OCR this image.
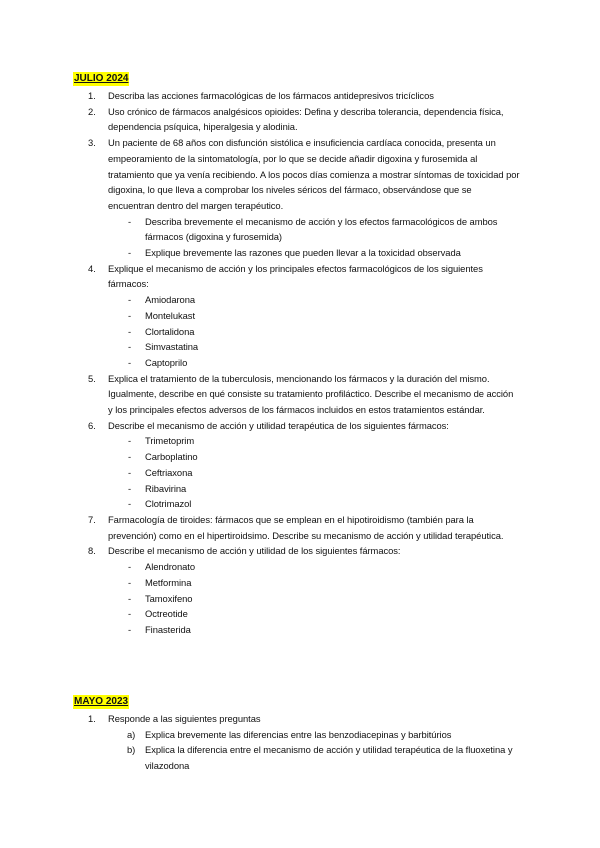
JULIO 2024
1. Describa las acciones farmacológicas de los fármacos antidepresivos tricíclicos
2. Uso crónico de fármacos analgésicos opioides: Defina y describa tolerancia, dependencia física, dependencia psíquica, hiperalgesia y alodinia.
3. Un paciente de 68 años con disfunción sistólica e insuficiencia cardíaca conocida, presenta un empeoramiento de la sintomatología, por lo que se decide añadir digoxina y furosemida al tratamiento que ya venía recibiendo. A los pocos días comienza a mostrar síntomas de toxicidad por digoxina, lo que lleva a comprobar los niveles séricos del fármaco, observándose que se encuentran dentro del margen terapéutico.
- Describa brevemente el mecanismo de acción y los efectos farmacológicos de ambos fármacos (digoxina y furosemida)
- Explique brevemente las razones que pueden llevar a la toxicidad observada
4. Explique el mecanismo de acción y los principales efectos farmacológicos de los siguientes fármacos:
- Amiodarona
- Montelukast
- Clortalidona
- Simvastatina
- Captoprilo
5. Explica el tratamiento de la tuberculosis, mencionando los fármacos y la duración del mismo. Igualmente, describe en qué consiste su tratamiento profiláctico. Describe el mecanismo de acción y los principales efectos adversos de los fármacos incluidos en estos tratamientos estándar.
6. Describe el mecanismo de acción y utilidad terapéutica de los siguientes fármacos:
- Trimetoprim
- Carboplatino
- Ceftriaxona
- Ribavirina
- Clotrimazol
7. Farmacología de tiroides: fármacos que se emplean en el hipotiroidismo (también para la prevención) como en el hipertiroidsimo. Describe su mecanismo de acción y utilidad terapéutica.
8. Describe el mecanismo de acción y utilidad de los siguientes fármacos:
- Alendronato
- Metformina
- Tamoxifeno
- Octreotide
- Finasterida
MAYO 2023
1. Responde a las siguientes preguntas
a) Explica brevemente las diferencias entre las benzodiacepinas y barbitúrios
b) Explica la diferencia entre el mecanismo de acción y utilidad terapéutica de la fluoxetina y vilazodona
